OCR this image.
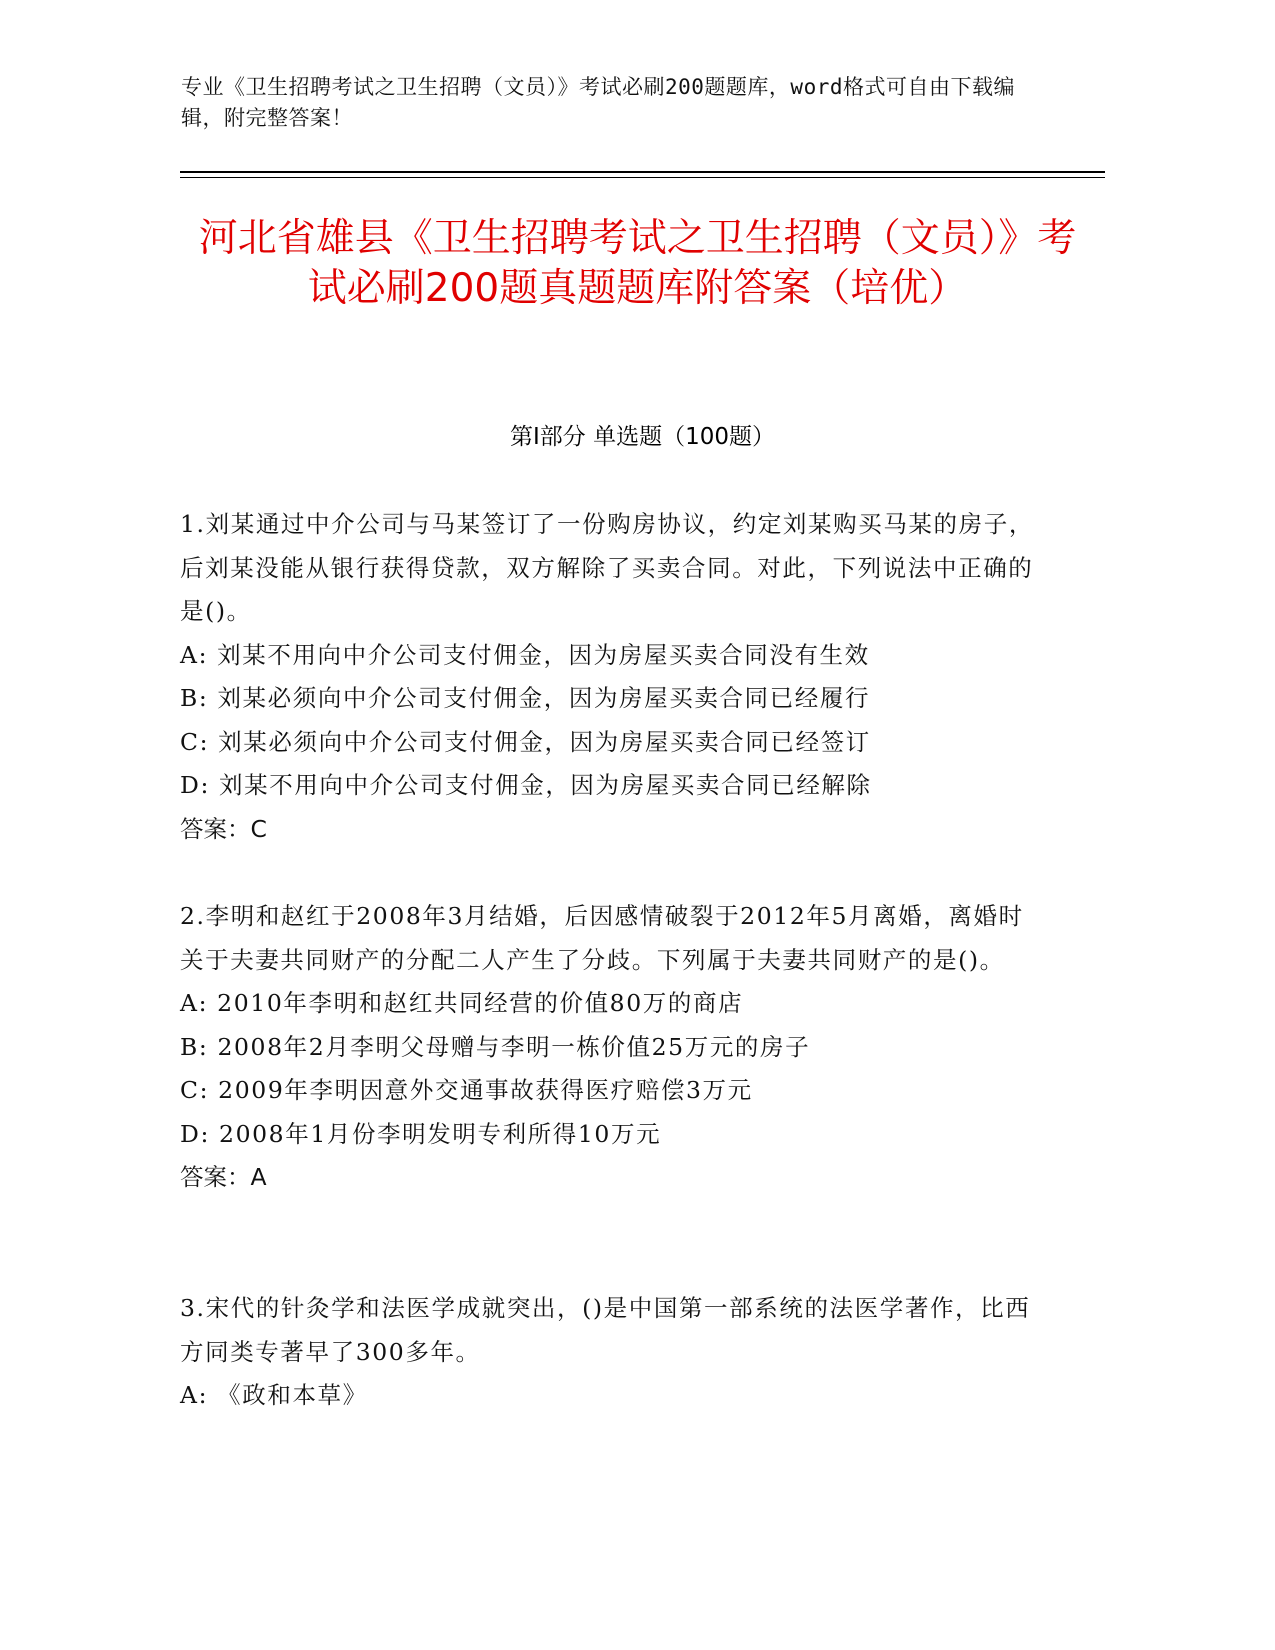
专业《卫生招聘考试之卫生招聘（文员）》考试必刷200题题库，word格式可自由下载编辑，附完整答案！
河北省雄县《卫生招聘考试之卫生招聘（文员）》考试必刷200题真题题库附答案（培优）
第Ⅰ部分 单选题（100题）

1.刘某通过中介公司与马某签订了一份购房协议，约定刘某购买马某的房子，后刘某没能从银行获得贷款，双方解除了买卖合同。对此，下列说法中正确的是()。

A: 刘某不用向中介公司支付佣金，因为房屋买卖合同没有生效

B: 刘某必须向中介公司支付佣金，因为房屋买卖合同已经履行

C: 刘某必须向中介公司支付佣金，因为房屋买卖合同已经签订

D: 刘某不用向中介公司支付佣金，因为房屋买卖合同已经解除

答案：C

2.李明和赵红于2008年3月结婚，后因感情破裂于2012年5月离婚，离婚时关于夫妻共同财产的分配二人产生了分歧。下列属于夫妻共同财产的是()。

A: 2010年李明和赵红共同经营的价值80万的商店

B: 2008年2月李明父母赠与李明一栋价值25万元的房子

C: 2009年李明因意外交通事故获得医疗赔偿3万元

D: 2008年1月份李明发明专利所得10万元

答案：A

3.宋代的针灸学和法医学成就突出，()是中国第一部系统的法医学著作，比西方同类专著早了300多年。

A: 《政和本草》
